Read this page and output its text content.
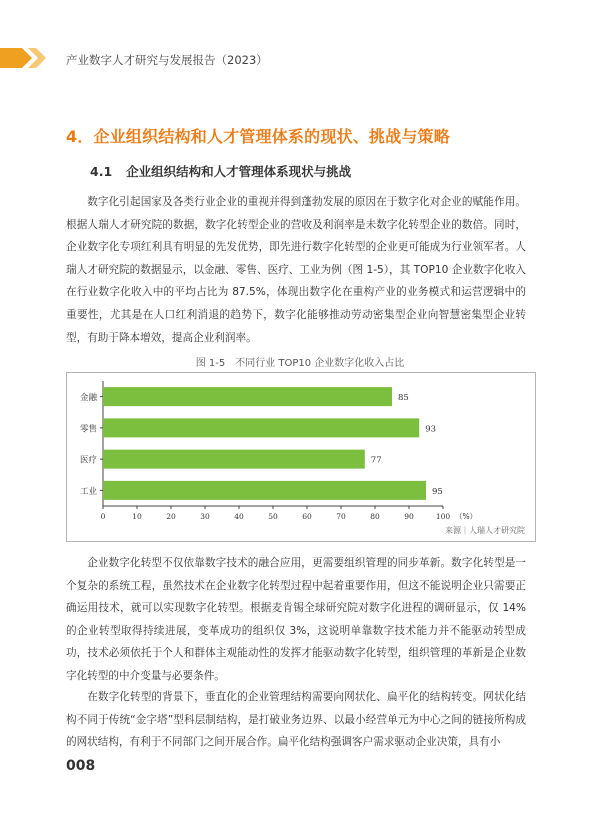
产业数字人才研究与发展报告（2023）
4．企业组织结构和人才管理体系的现状、挑战与策略
4.1 企业组织结构和人才管理体系现状与挑战

数字化引起国家及各类行业企业的重视并得到蓬勃发展的原因在于数字化对企业的赋能作用。根据人瑞人才研究院的数据，数字化转型企业的营收及利润率是未数字化转型企业的数倍。同时，企业数字化专项红利具有明显的先发优势，即先进行数字化转型的企业更可能成为行业领军者。人瑞人才研究院的数据显示，以金融、零售、医疗、工业为例（图 1-5），其 TOP10 企业数字化收入在行业数字化收入中的平均占比为 87.5%，体现出数字化在重构产业的业务模式和运营逻辑中的重要性，尤其是在人口红利消退的趋势下，数字化能够推动劳动密集型企业向智慧密集型企业转型，有助于降本增效，提高企业利润率。

图 1-5　不同行业 TOP10 企业数字化收入占比
金融	85
零售	93
医疗	77
工业	95
0	10	20	30	40	50	60	70	80	90	100 （%）
来源｜人瑞人才研究院

企业数字化转型不仅依靠数字技术的融合应用，更需要组织管理的同步革新。数字化转型是一个复杂的系统工程，虽然技术在企业数字化转型过程中起着重要作用，但这不能说明企业只需要正确运用技术，就可以实现数字化转型。根据麦肯锡全球研究院对数字化进程的调研显示，仅 14% 的企业转型取得持续进展，变革成功的组织仅 3%，这说明单靠数字技术能力并不能驱动转型成功，技术必须依托于个人和群体主观能动性的发挥才能驱动数字化转型，组织管理的革新是企业数字化转型的中介变量与必要条件。

在数字化转型的背景下，垂直化的企业管理结构需要向网状化、扁平化的结构转变。网状化结构不同于传统“金字塔”型科层制结构，是打破业务边界、以最小经营单元为中心之间的链接所构成的网状结构，有利于不同部门之间开展合作。扁平化结构强调客户需求驱动企业决策，具有小

008
